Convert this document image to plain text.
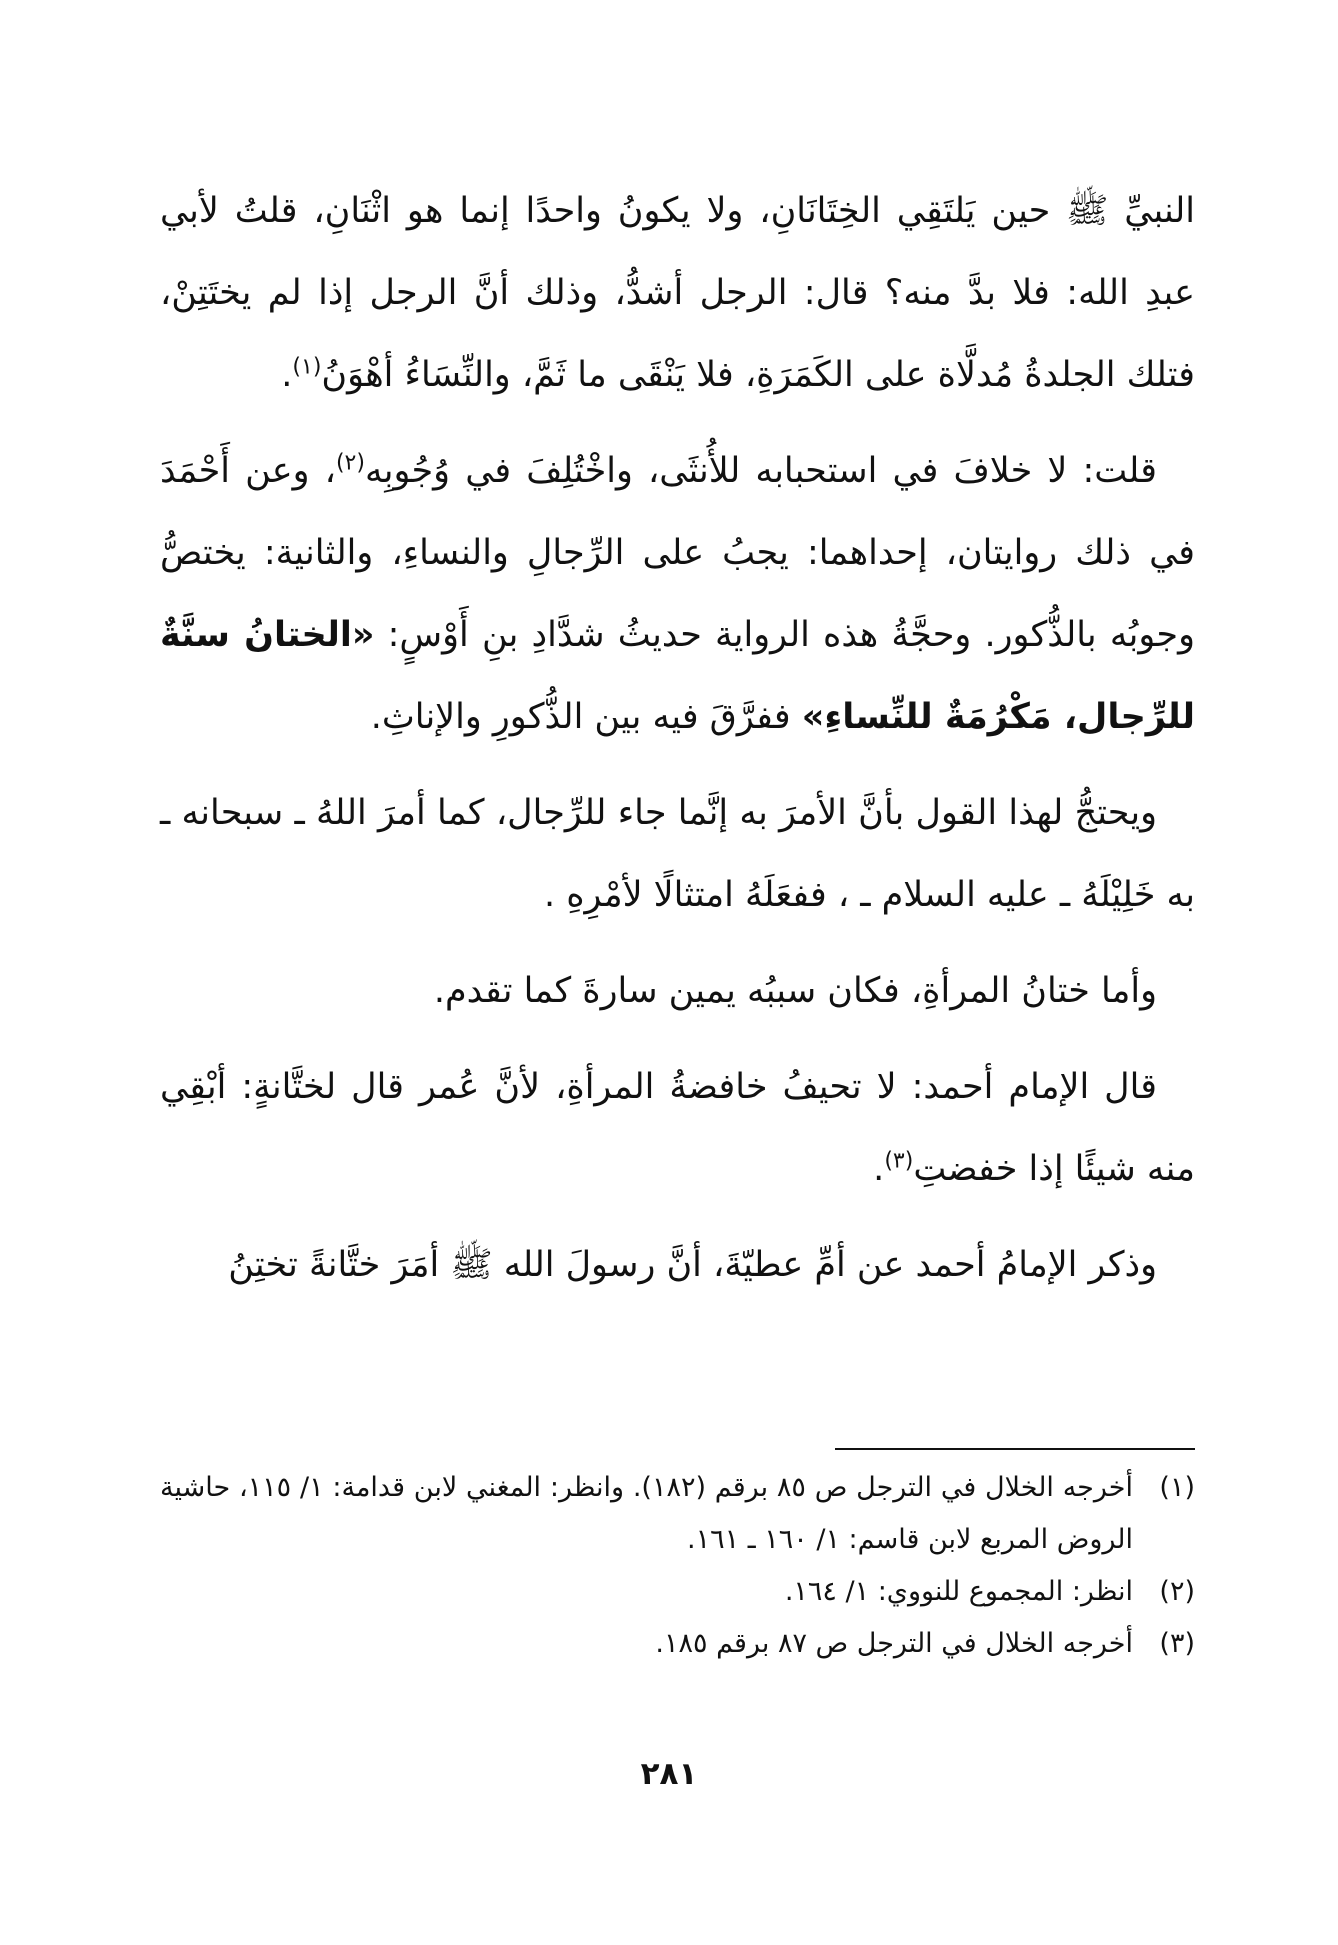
النبيِّ ﷺ حين يَلتَقِي الخِتَانَانِ، ولا يكونُ واحدًا إنما هو اثْنَانِ، قلتُ لأبي عبدِ الله: فلا بدَّ منه؟ قال: الرجل أشدُّ، وذلك أنَّ الرجل إذا لم يختَتِنْ، فتلك الجلدةُ مُدلَّاة على الكَمَرَةِ، فلا يَنْقَى ما ثَمَّ، والنِّسَاءُ أهْوَنُ$^{(١)}$.

قلت: لا خلافَ في استحبابه للأُنثَى، واخْتُلِفَ في وُجُوبِه$^{(٢)}$، وعن أَحْمَدَ في ذلك روايتان، إحداهما: يجبُ على الرِّجالِ والنساءِ، والثانية: يختصُّ وجوبُه بالذُّكور. وحجَّةُ هذه الرواية حديثُ شدَّادِ بنِ أَوْسٍ: «الختانُ سنَّةٌ للرِّجال، مَكْرُمَةٌ للنِّساءِ» ففرَّقَ فيه بين الذُّكورِ والإناثِ.

ويحتجُّ لهذا القول بأنَّ الأمرَ به إنَّما جاء للرِّجال، كما أمرَ اللهُ ـ سبحانه ـ به خَلِيْلَهُ ـ عليه السلام ـ ، ففعَلَهُ امتثالًا لأمْرِهِ .

وأما ختانُ المرأةِ، فكان سببُه يمين سارةَ كما تقدم.

قال الإمام أحمد: لا تحيفُ خافضةُ المرأةِ، لأنَّ عُمر قال لختَّانةٍ: أبْقِي منه شيئًا إذا خفضتِ$^{(٣)}$.

وذكر الإمامُ أحمد عن أمِّ عطيّةَ، أنَّ رسولَ الله ﷺ أمَرَ ختَّانةً تختِنُ

(١)
أخرجه الخلال في الترجل ص ٨٥ برقم (١٨٢). وانظر: المغني لابن قدامة: ١/ ١١٥، حاشية الروض المربع لابن قاسم: ١/ ١٦٠ ـ ١٦١.
(٢)
انظر: المجموع للنووي: ١/ ١٦٤.
(٣)
أخرجه الخلال في الترجل ص ٨٧ برقم ١٨٥.
٢٨١
